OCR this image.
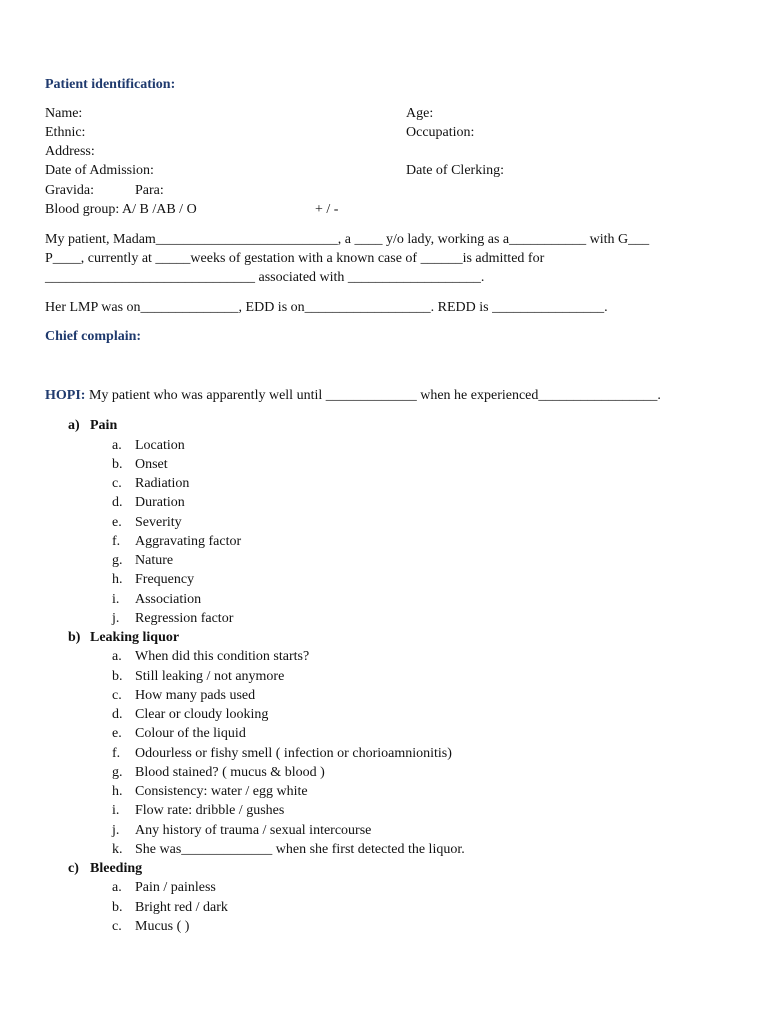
Patient identification:
Name:	Age:
Ethnic:	Occupation:
Address:
Date of Admission:	Date of Clerking:
Gravida:	Para:
Blood group: A/ B /AB / O	+ / -
My patient, Madam__________________________, a ____ y/o lady, working as a___________ with G___
P____, currently at _____weeks of gestation with a known case of ______is admitted for
______________________________ associated with ___________________.
Her LMP was on______________, EDD is on__________________. REDD is ________________.
Chief complain:
HOPI: My patient who was apparently well until _____________ when he experienced_________________.
a) Pain
a. Location
b. Onset
c. Radiation
d. Duration
e. Severity
f. Aggravating factor
g. Nature
h. Frequency
i. Association
j. Regression factor
b) Leaking liquor
a. When did this condition starts?
b. Still leaking / not anymore
c. How many pads used
d. Clear or cloudy looking
e. Colour of the liquid
f. Odourless or fishy smell ( infection or chorioamnionitis)
g. Blood stained? ( mucus & blood )
h. Consistency: water / egg white
i. Flow rate: dribble / gushes
j. Any history of trauma / sexual intercourse
k. She was_____________ when she first detected the liquor.
c) Bleeding
a. Pain / painless
b. Bright red / dark
c. Mucus ( )
